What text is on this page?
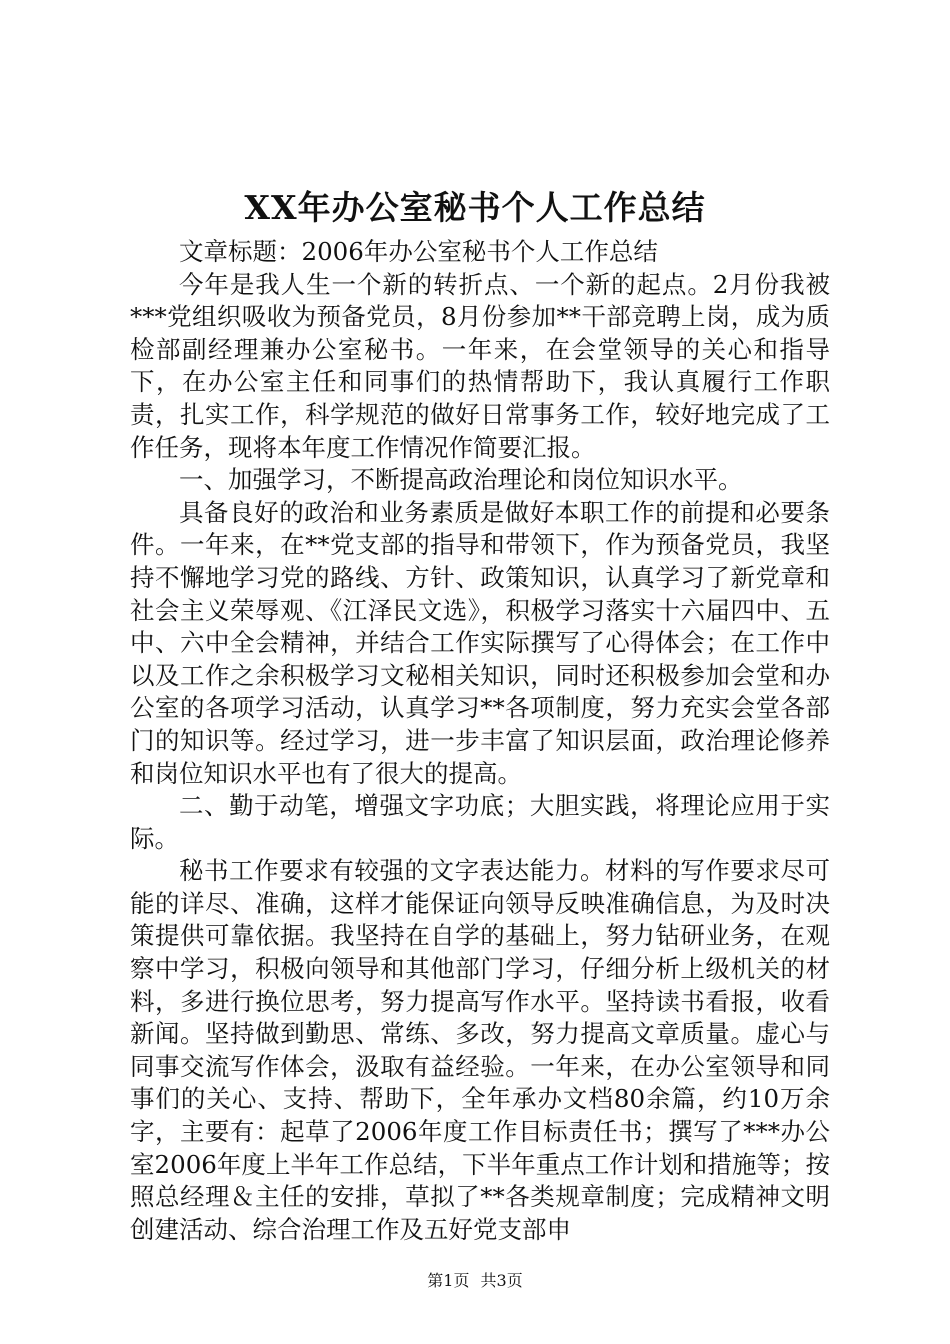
XX年办公室秘书个人工作总结

文章标题：2006年办公室秘书个人工作总结

今年是我人生一个新的转折点、一个新的起点。2月份我被***党组织吸收为预备党员，8月份参加**干部竞聘上岗，成为质检部副经理兼办公室秘书。一年来，在会堂领导的关心和指导下，在办公室主任和同事们的热情帮助下，我认真履行工作职责，扎实工作，科学规范的做好日常事务工作，较好地完成了工作任务，现将本年度工作情况作简要汇报。

一、加强学习，不断提高政治理论和岗位知识水平。

具备良好的政治和业务素质是做好本职工作的前提和必要条件。一年来，在**党支部的指导和带领下，作为预备党员，我坚持不懈地学习党的路线、方针、政策知识，认真学习了新党章和社会主义荣辱观、《江泽民文选》，积极学习落实十六届四中、五中、六中全会精神，并结合工作实际撰写了心得体会；在工作中以及工作之余积极学习文秘相关知识，同时还积极参加会堂和办公室的各项学习活动，认真学习**各项制度，努力充实会堂各部门的知识等。经过学习，进一步丰富了知识层面，政治理论修养和岗位知识水平也有了很大的提高。

二、勤于动笔，增强文字功底；大胆实践，将理论应用于实际。

秘书工作要求有较强的文字表达能力。材料的写作要求尽可能的详尽、准确，这样才能保证向领导反映准确信息，为及时决策提供可靠依据。我坚持在自学的基础上，努力钻研业务，在观察中学习，积极向领导和其他部门学习，仔细分析上级机关的材料，多进行换位思考，努力提高写作水平。坚持读书看报，收看新闻。坚持做到勤思、常练、多改，努力提高文章质量。虚心与同事交流写作体会，汲取有益经验。一年来，在办公室领导和同事们的关心、支持、帮助下，全年承办文档80余篇，约10万余字，主要有：起草了2006年度工作目标责任书；撰写了***办公室2006年度上半年工作总结，下半年重点工作计划和措施等；按照总经理＆主任的安排，草拟了**各类规章制度；完成精神文明创建活动、综合治理工作及五好党支部申

第1页 共3页
